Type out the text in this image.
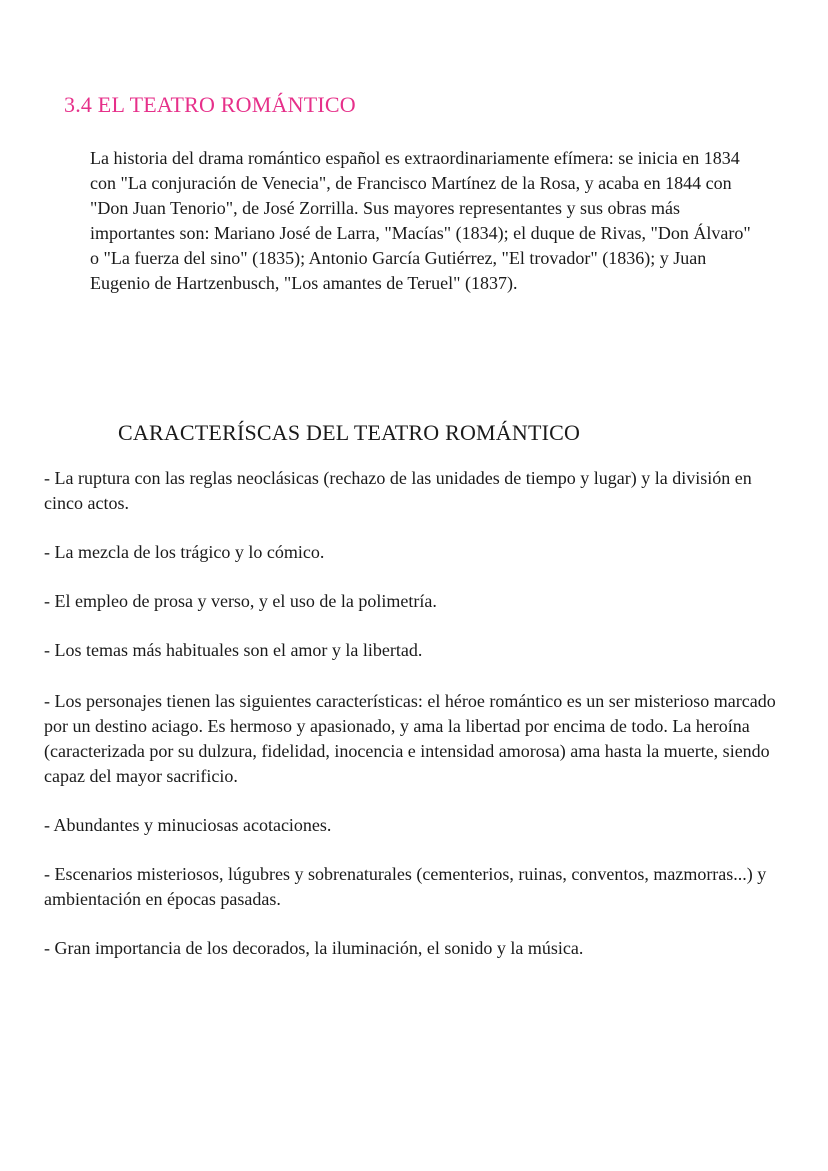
3.4 EL TEATRO ROMÁNTICO

La historia del drama romántico español es extraordinariamente efímera: se inicia en 1834 con "La conjuración de Venecia", de Francisco Martínez de la Rosa, y acaba en 1844 con "Don Juan Tenorio", de José Zorrilla. Sus mayores representantes y sus obras más importantes son: Mariano José de Larra, "Macías" (1834); el duque de Rivas, "Don Álvaro" o "La fuerza del sino" (1835); Antonio García Gutiérrez, "El trovador" (1836); y Juan Eugenio de Hartzenbusch, "Los amantes de Teruel" (1837).

CARACTERÍSCAS DEL TEATRO ROMÁNTICO
- La ruptura con las reglas neoclásicas (rechazo de las unidades de tiempo y lugar) y la división en cinco actos.
- La mezcla de los trágico y lo cómico.
- El empleo de prosa y verso, y el uso de la polimetría.
- Los temas más habituales son el amor y la libertad.
- Los personajes tienen las siguientes características: el héroe romántico es un ser misterioso marcado por un destino aciago. Es hermoso y apasionado, y ama la libertad por encima de todo. La heroína (caracterizada por su dulzura, fidelidad, inocencia e intensidad amorosa) ama hasta la muerte, siendo capaz del mayor sacrificio.
- Abundantes y minuciosas acotaciones.
- Escenarios misteriosos, lúgubres y sobrenaturales (cementerios, ruinas, conventos, mazmorras...) y ambientación en épocas pasadas.
- Gran importancia de los decorados, la iluminación, el sonido y la música.
